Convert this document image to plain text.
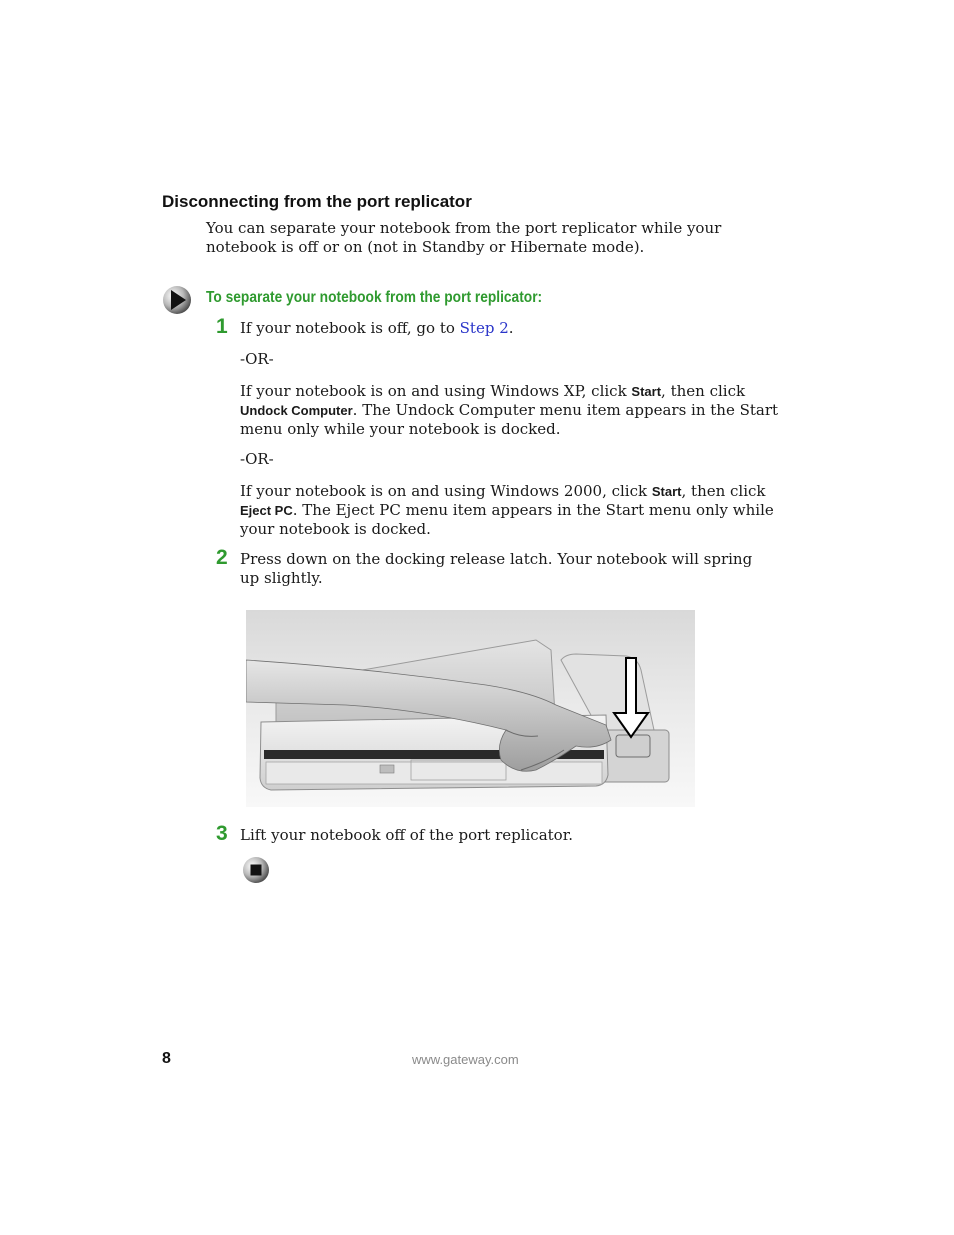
Disconnecting from the port replicator
You can separate your notebook from the port replicator while your notebook is off or on (not in Standby or Hibernate mode).
To separate your notebook from the port replicator:
1 If your notebook is off, go to Step 2.
-OR-
If your notebook is on and using Windows XP, click Start, then click Undock Computer. The Undock Computer menu item appears in the Start menu only while your notebook is docked.
-OR-
If your notebook is on and using Windows 2000, click Start, then click Eject PC. The Eject PC menu item appears in the Start menu only while your notebook is docked.
2 Press down on the docking release latch. Your notebook will spring up slightly.
3 Lift your notebook off of the port replicator.
8	www.gateway.com
